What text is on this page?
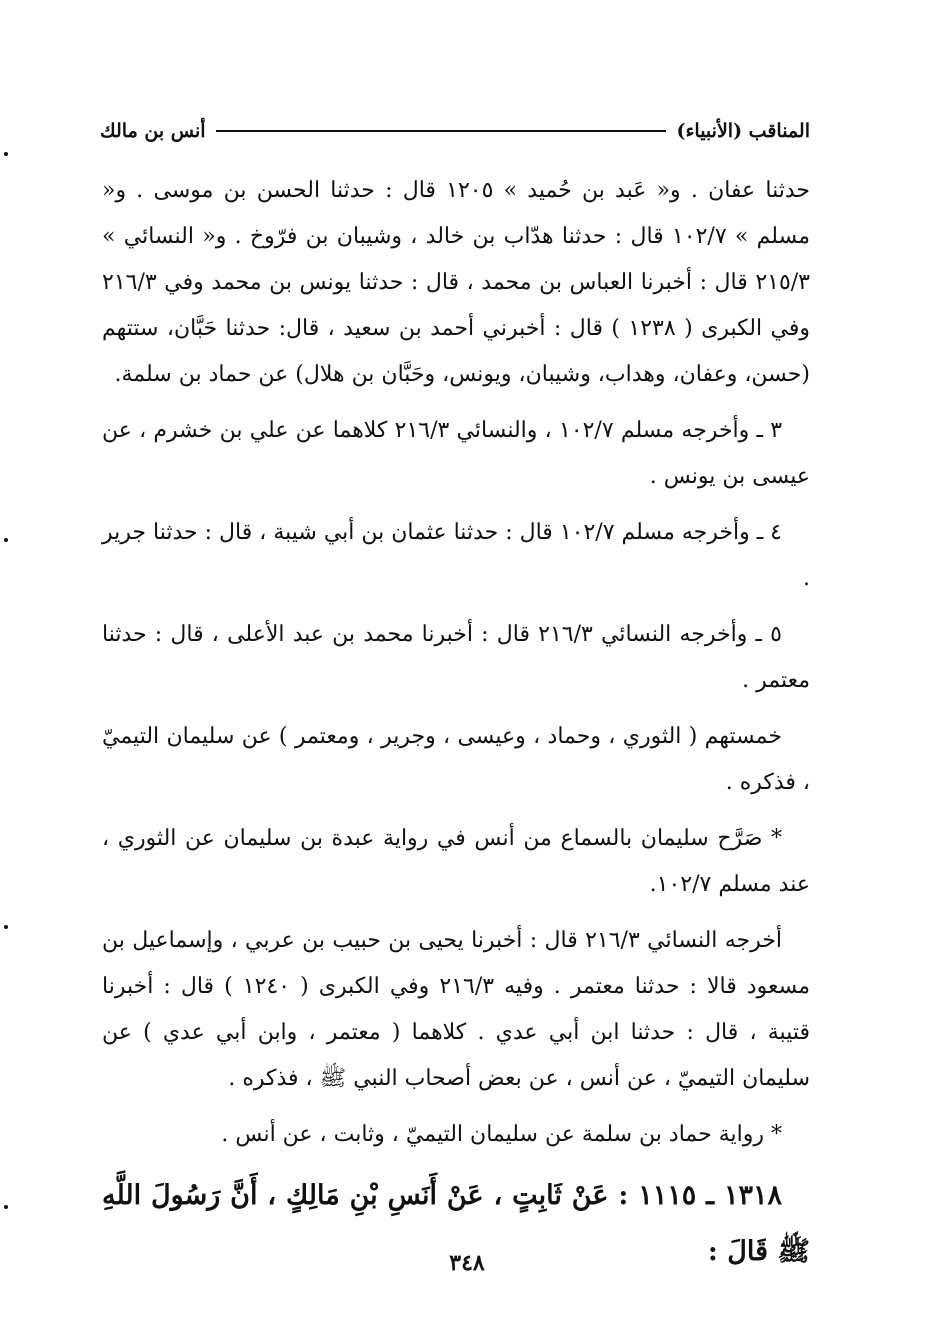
المناقب (الأنبياء)
أنس بن مالك

حدثنا عفان . و« عَبد بن حُميد » ١٢٠٥ قال : حدثنا الحسن بن موسى . و« مسلم » ١٠٢/٧ قال : حدثنا هدّاب بن خالد ، وشيبان بن فرّوخ . و« النسائي » ٢١٥/٣ قال : أخبرنا العباس بن محمد ، قال : حدثنا يونس بن محمد وفي ٢١٦/٣ وفي الكبرى ( ١٢٣٨ ) قال : أخبرني أحمد بن سعيد ، قال: حدثنا حَبَّان، ستتهم (حسن، وعفان، وهداب، وشيبان، ويونس، وحَبَّان بن هلال) عن حماد بن سلمة.

٣ ـ وأخرجه مسلم ١٠٢/٧ ، والنسائي ٢١٦/٣ كلاهما عن علي بن خشرم ، عن عيسى بن يونس .

٤ ـ وأخرجه مسلم ١٠٢/٧ قال : حدثنا عثمان بن أبي شيبة ، قال : حدثنا جرير .

٥ ـ وأخرجه النسائي ٢١٦/٣ قال : أخبرنا محمد بن عبد الأعلى ، قال : حدثنا معتمر .

خمستهم ( الثوري ، وحماد ، وعيسى ، وجرير ، ومعتمر ) عن سليمان التيميّ ، فذكره .

* صَرَّح سليمان بالسماع من أنس في رواية عبدة بن سليمان عن الثوري ، عند مسلم ١٠٢/٧.

أخرجه النسائي ٢١٦/٣ قال : أخبرنا يحيى بن حبيب بن عربي ، وإسماعيل بن مسعود قالا : حدثنا معتمر . وفيه ٢١٦/٣ وفي الكبرى ( ١٢٤٠ ) قال : أخبرنا قتيبة ، قال : حدثنا ابن أبي عدي . كلاهما ( معتمر ، وابن أبي عدي ) عن سليمان التيميّ ، عن أنس ، عن بعض أصحاب النبي ﷺ ، فذكره .

* رواية حماد بن سلمة عن سليمان التيميّ ، وثابت ، عن أنس .

١٣١٨ ـ ١١١٥ : عَنْ ثَابِتٍ ، عَنْ أَنَسِ بْنِ مَالِكٍ ، أَنَّ رَسُولَ اللَّهِ ﷺ قَالَ :

٣٤٨
